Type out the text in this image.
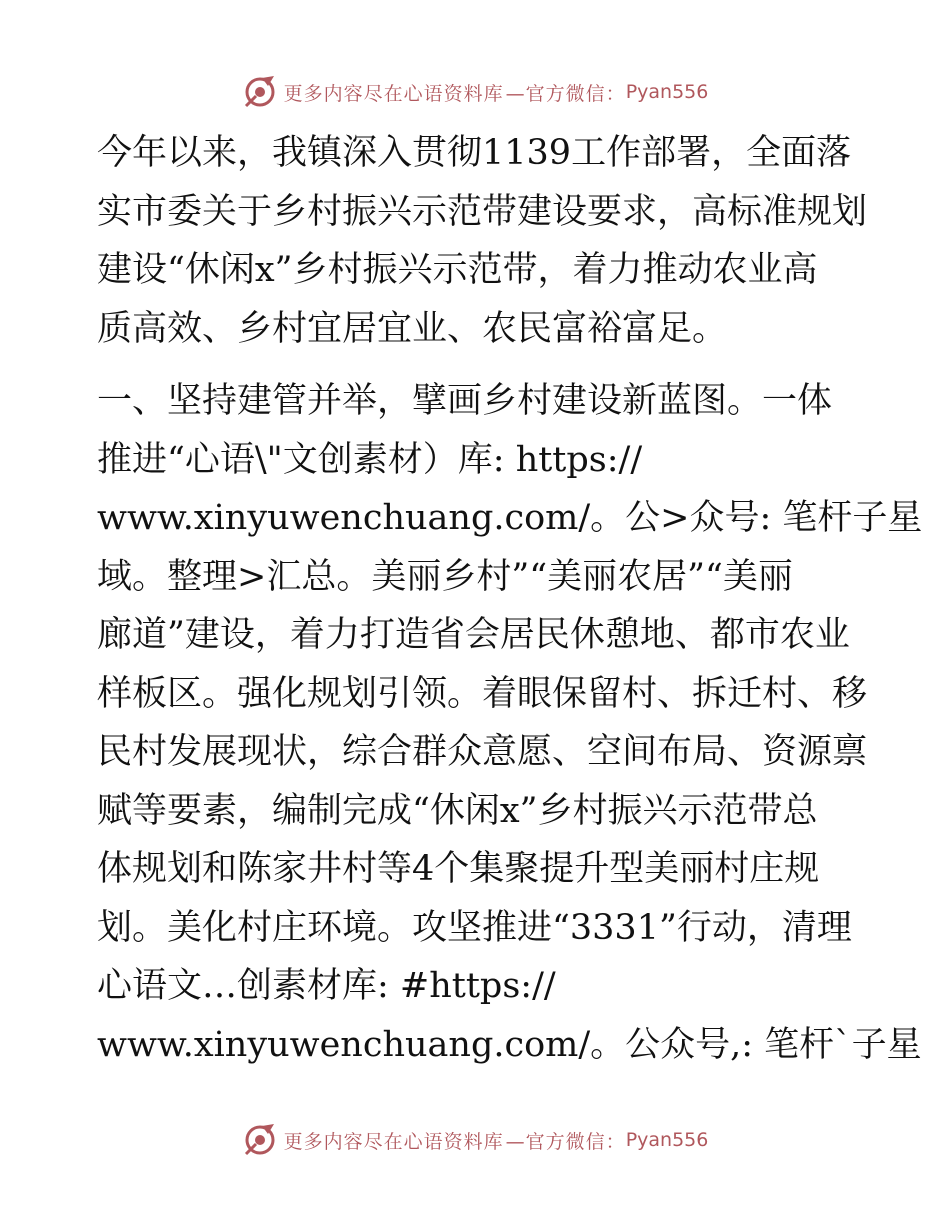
更多内容尽在心语资料库 —官方微信： Pyan556
今年以来，我镇深入贯彻1139工作部署，全面落
实市委关于乡村振兴示范带建设要求，高标准规划
建设“休闲x”乡村振兴示范带，着力推动农业高
质高效、乡村宜居宜业、农民富裕富足。
一、坚持建管并举，擘画乡村建设新蓝图。一体
推进“心语\"文创素材）库: https://
www.xinyuwenchuang.com/。公>众号: 笔杆子星
域。整理>汇总。美丽乡村”“美丽农居”“美丽
廊道”建设，着力打造省会居民休憩地、都市农业
样板区。强化规划引领。着眼保留村、拆迁村、移
民村发展现状，综合群众意愿、空间布局、资源禀
赋等要素，编制完成“休闲x”乡村振兴示范带总
体规划和陈家井村等4个集聚提升型美丽村庄规
划。美化村庄环境。攻坚推进“3331”行动，清理
心语文…创素材库: #https://
www.xinyuwenchuang.com/。公众号,: 笔杆`子星
更多内容尽在心语资料库 —官方微信： Pyan556
